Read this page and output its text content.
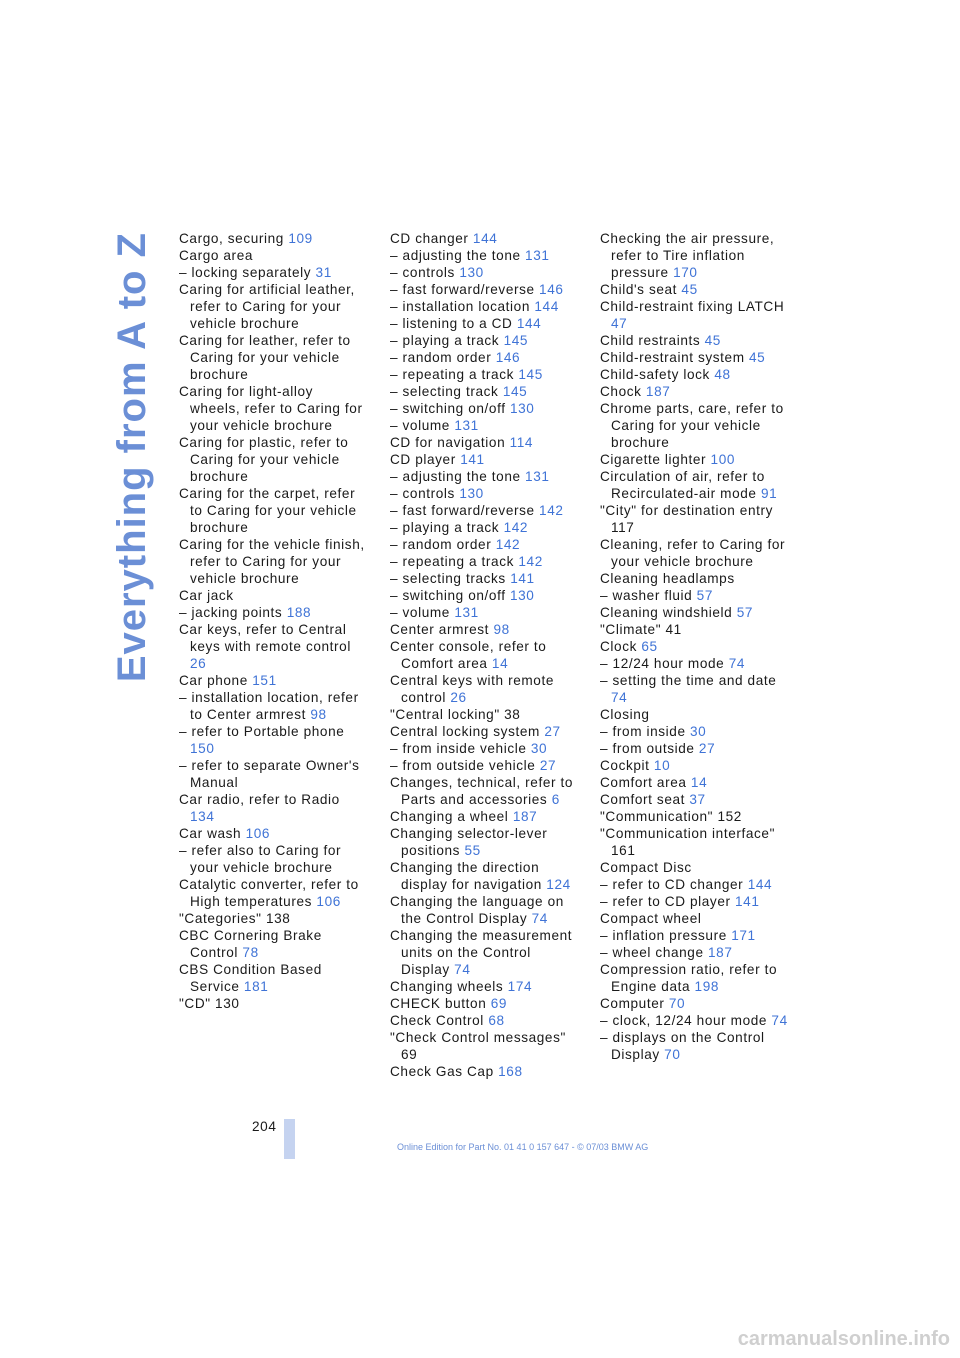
Everything from A to Z Cargo, securing 109
Cargo area
– locking separately 31
Caring for artificial leather, refer to Caring for your vehicle brochure
Caring for leather, refer to Caring for your vehicle brochure
Caring for light-alloy wheels, refer to Caring for your vehicle brochure
Caring for plastic, refer to Caring for your vehicle brochure
Caring for the carpet, refer to Caring for your vehicle brochure
Caring for the vehicle finish, refer to Caring for your vehicle brochure
Car jack
– jacking points 188
Car keys, refer to Central keys with remote control 26
Car phone 151
– installation location, refer to Center armrest 98
– refer to Portable phone 150
– refer to separate Owner's Manual
Car radio, refer to Radio 134
Car wash 106
– refer also to Caring for your vehicle brochure
Catalytic converter, refer to High temperatures 106
"Categories" 138
CBC Cornering Brake Control 78
CBS Condition Based Service 181
"CD" 130
CD changer 144
– adjusting the tone 131
– controls 130
– fast forward/reverse 146
– installation location 144
– listening to a CD 144
– playing a track 145
– random order 146
– repeating a track 145
– selecting track 145
– switching on/off 130
– volume 131
CD for navigation 114
CD player 141
– adjusting the tone 131
– controls 130
– fast forward/reverse 142
– playing a track 142
– random order 142
– repeating a track 142
– selecting tracks 141
– switching on/off 130
– volume 131
Center armrest 98
Center console, refer to Comfort area 14
Central keys with remote control 26
"Central locking" 38
Central locking system 27
– from inside vehicle 30
– from outside vehicle 27
Changes, technical, refer to Parts and accessories 6
Changing a wheel 187
Changing selector-lever positions 55
Changing the direction display for navigation 124
Changing the language on the Control Display 74
Changing the measurement units on the Control Display 74
Changing wheels 174
CHECK button 69
Check Control 68
"Check Control messages" 69
Check Gas Cap 168
Checking the air pressure, refer to Tire inflation pressure 170
Child's seat 45
Child-restraint fixing LATCH 47
Child restraints 45
Child-restraint system 45
Child-safety lock 48
Chock 187
Chrome parts, care, refer to Caring for your vehicle brochure
Cigarette lighter 100
Circulation of air, refer to Recirculated-air mode 91
"City" for destination entry 117
Cleaning, refer to Caring for your vehicle brochure
Cleaning headlamps
– washer fluid 57
Cleaning windshield 57
"Climate" 41
Clock 65
– 12/24 hour mode 74
– setting the time and date 74
Closing
– from inside 30
– from outside 27
Cockpit 10
Comfort area 14
Comfort seat 37
"Communication" 152
"Communication interface" 161
Compact Disc
– refer to CD changer 144
– refer to CD player 141
Compact wheel
– inflation pressure 171
– wheel change 187
Compression ratio, refer to Engine data 198
Computer 70
– clock, 12/24 hour mode 74
– displays on the Control Display 70
204
Online Edition for Part No. 01 41 0 157 647 - © 07/03 BMW AG
carmanualsonline.info
